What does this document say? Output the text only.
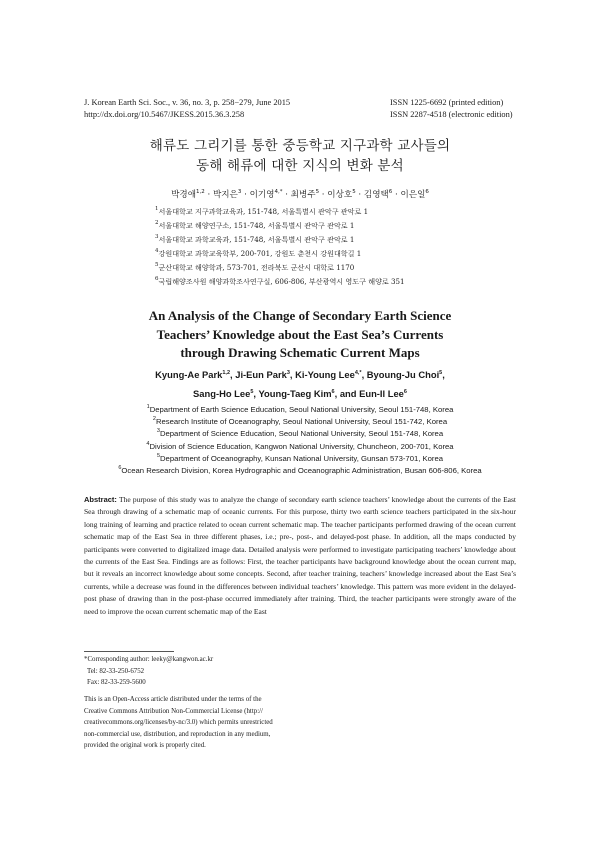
J. Korean Earth Sci. Soc., v. 36, no. 3, p. 258−279, June 2015
http://dx.doi.org/10.5467/JKESS.2015.36.3.258
ISSN 1225-6692 (printed edition)
ISSN 2287-4518 (electronic edition)
해류도 그리기를 통한 중등학교 지구과학 교사들의
동해 해류에 대한 지식의 변화 분석
박경애$^{1,2}$ · 박지은$^3$ · 이기영$^{4,*}$ · 최병주$^5$ · 이상호$^5$ · 김영택$^6$ · 이은일$^6$
$^1$서울대학교 지구과학교육과, 151-748, 서울특별시 관악구 관악로 1
$^2$서울대학교 해양연구소, 151-748, 서울특별시 관악구 관악로 1
$^3$서울대학교 과학교육과, 151-748, 서울특별시 관악구 관악로 1
$^4$강원대학교 과학교육학부, 200-701, 강원도 춘천시 강원대학길 1
$^5$군산대학교 해양학과, 573-701, 전라북도 군산시 대학로 1170
$^6$국립해양조사원 해양과학조사연구실, 606-806, 부산광역시 영도구 해양로 351
An Analysis of the Change of Secondary Earth Science
Teachers’ Knowledge about the East Sea’s Currents
through Drawing Schematic Current Maps
Kyung-Ae Park$^{1,2}$, Ji-Eun Park$^3$, Ki-Young Lee$^{4,*}$, Byoung-Ju Choi$^5$,
Sang-Ho Lee$^5$, Young-Taeg Kim$^6$, and Eun-Il Lee$^6$
$^1$Department of Earth Science Education, Seoul National University, Seoul 151-748, Korea
$^2$Research Institute of Oceanography, Seoul National University, Seoul 151-742, Korea
$^3$Department of Science Education, Seoul National University, Seoul 151-748, Korea
$^4$Division of Science Education, Kangwon National University, Chuncheon, 200-701, Korea
$^5$Department of Oceanography, Kunsan National University, Gunsan 573-701, Korea
$^6$Ocean Research Division, Korea Hydrographic and Oceanographic Administration, Busan 606-806, Korea
Abstract: The purpose of this study was to analyze the change of secondary earth science teachers’ knowledge about the currents of the East Sea through drawing of a schematic map of oceanic currents. For this purpose, thirty two earth science teachers participated in the six-hour long training of learning and practice related to ocean current schematic map. The teacher participants performed drawing of the ocean current schematic map of the East Sea in three different phases, i.e.; pre-, post-, and delayed-post phase. In addition, all the maps conducted by participants were converted to digitalized image data. Detailed analysis were performed to investigate participating teachers’ knowledge about the currents of the East Sea. Findings are as follows: First, the teacher participants have background knowledge about the ocean current map, but it reveals an incorrect knowledge about some concepts. Second, after teacher training, teachers’ knowledge increased about the East Sea’s currents, while a decrease was found in the differences between individual teachers’ knowledge. This pattern was more evident in the delayed-post phase of drawing than in the post-phase occurred immediately after training. Third, the teacher participants were strongly aware of the need to improve the ocean current schematic map of the East
*Corresponding author: leeky@kangwon.ac.kr
Tel: 82-33-250-6752
Fax: 82-33-259-5600
This is an Open-Access article distributed under the terms of the
Creative Commons Attribution Non-Commercial License (http://
creativecommons.org/licenses/by-nc/3.0) which permits unrestricted
non-commercial use, distribution, and reproduction in any medium,
provided the original work is properly cited.
